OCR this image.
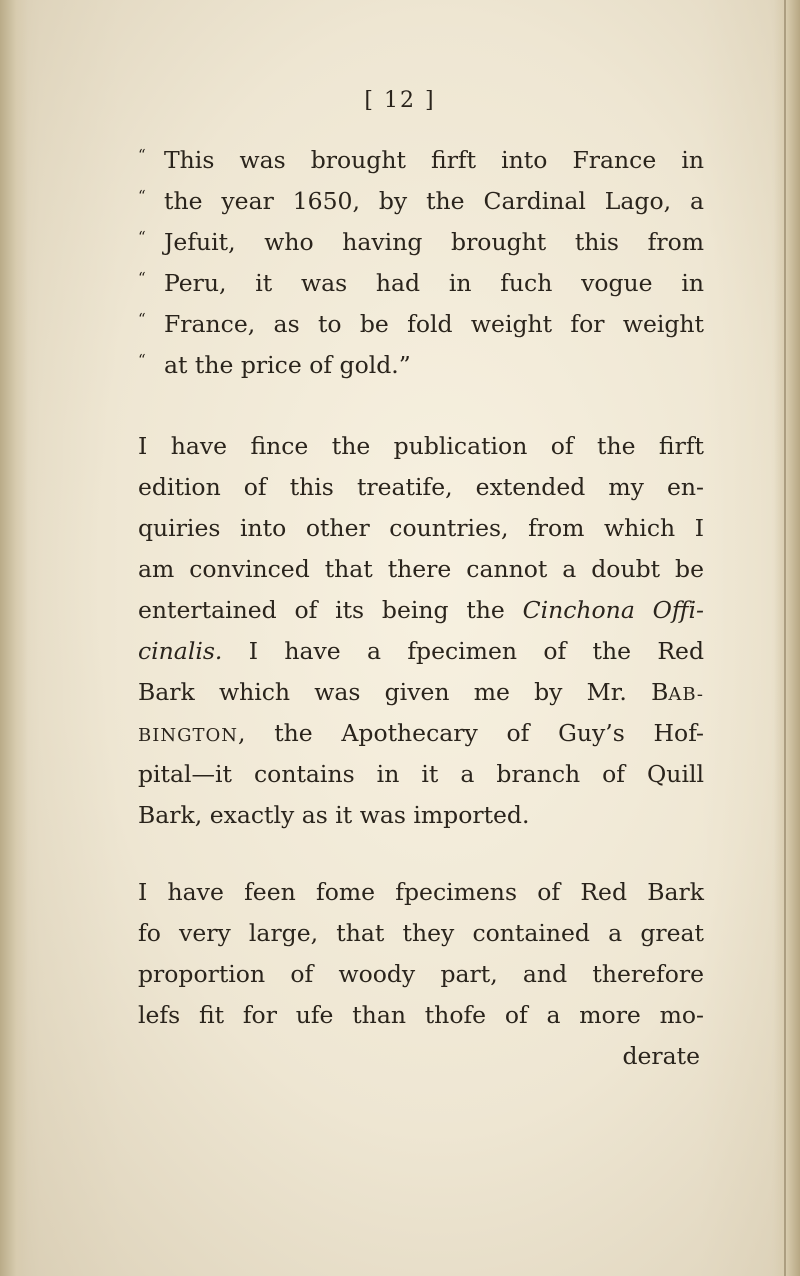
[ 12 ]
“ This was brought firft into France in
“ the year 1650, by the Cardinal Lago, a
“ Jefuit, who having brought this from
“ Peru, it was had in fuch vogue in
“ France, as to be fold weight for weight
“ at the price of gold.”
I have fince the publication of the firft
edition of this treatife, extended my en-
quiries into other countries, from which I
am convinced that there cannot a doubt be
entertained of its being the Cinchona Offi-
cinalis. I have a fpecimen of the Red
Bark which was given me by Mr. BAB-
BINGTON, the Apothecary of Guy’s Hof-
pital—it contains in it a branch of Quill
Bark, exactly as it was imported.
I have feen fome fpecimens of Red Bark
fo very large, that they contained a great
proportion of woody part, and therefore
lefs fit for ufe than thofe of a more mo-
derate
